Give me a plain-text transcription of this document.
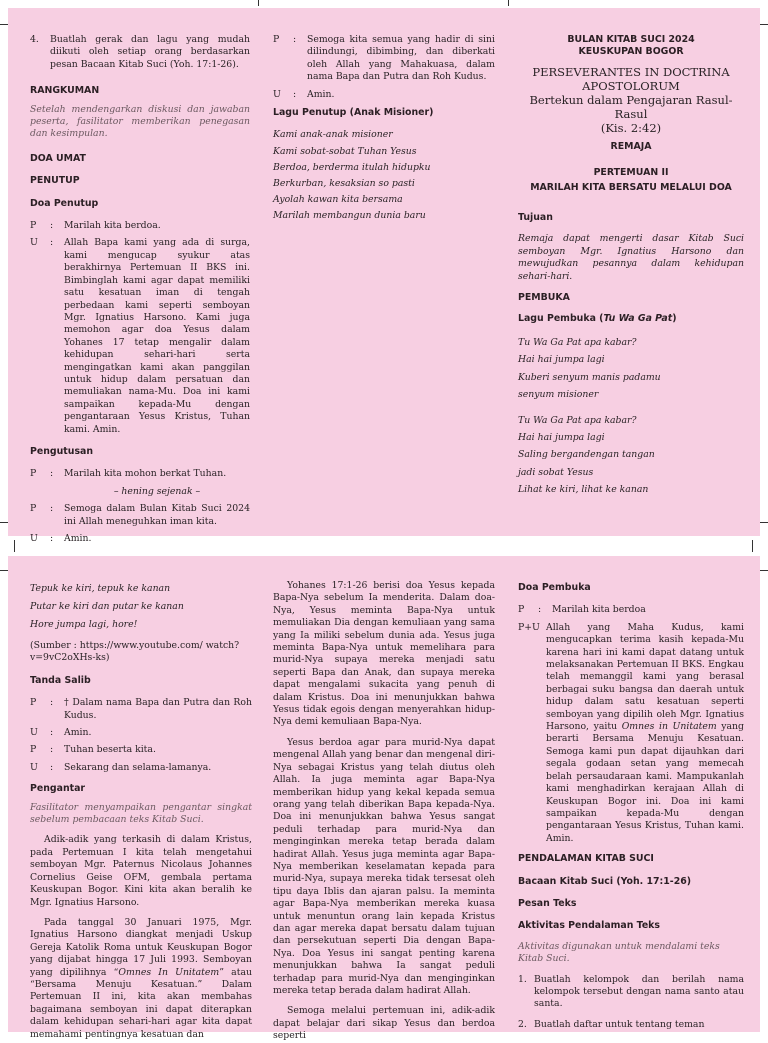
4.	Buatlah gerak dan lagu yang mudah diikuti oleh setiap orang berdasarkan pesan Bacaan Kitab Suci (Yoh. 17:1-26).
RANGKUMAN
Setelah mendengarkan diskusi dan jawaban peserta, fasilitator memberikan penegasan dan kesimpulan.
DOA UMAT
PENUTUP
Doa Penutup
P	:	Marilah kita berdoa.
U	:	Allah Bapa kami yang ada di surga, kami mengucap syukur atas berakhirnya Pertemuan II BKS ini. Bimbinglah kami agar dapat memiliki satu kesatuan iman di tengah perbedaan kami seperti semboyan Mgr. Ignatius Harsono. Kami juga memohon agar doa Yesus dalam Yohanes 17 tetap mengalir dalam kehidupan sehari-hari serta mengingatkan kami akan panggilan untuk hidup dalam persatuan dan memuliakan nama-Mu. Doa ini kami sampaikan kepada-Mu dengan pengantaraan Yesus Kristus, Tuhan kami. Amin.
Pengutusan
P	:	Marilah kita mohon berkat Tuhan.
– hening sejenak –
P	:	Semoga dalam Bulan Kitab Suci 2024 ini Allah meneguhkan iman kita.
U	:	Amin.
P	:	Semoga kita semua yang hadir di sini dilindungi, dibimbing, dan diberkati oleh Allah yang Mahakuasa, dalam nama Bapa dan Putra dan Roh Kudus.
U	:	Amin.
Lagu Penutup (Anak Misioner)
Kami anak-anak misioner
Kami sobat-sobat Tuhan Yesus
Berdoa, berderma itulah hidupku
Berkurban, kesaksian so pasti
Ayolah kawan kita bersama
Marilah membangun dunia baru
BULAN KITAB SUCI 2024
KEUSKUPAN BOGOR
PERSEVERANTES IN DOCTRINA
APOSTOLORUM
Bertekun dalam Pengajaran Rasul-Rasul
(Kis. 2:42)
REMAJA
PERTEMUAN II
MARILAH KITA BERSATU MELALUI DOA
Tujuan
Remaja dapat mengerti dasar Kitab Suci semboyan Mgr. Ignatius Harsono dan mewujudkan pesannya dalam kehidupan sehari-hari.
PEMBUKA
Lagu Pembuka (Tu Wa Ga Pat)
Tu Wa Ga Pat apa kabar?
Hai hai jumpa lagi
Kuberi senyum manis padamu
senyum misioner
Tu Wa Ga Pat apa kabar?
Hai hai jumpa lagi
Saling bergandengan tangan
jadi sobat Yesus
Lihat ke kiri, lihat ke kanan
Tepuk ke kiri, tepuk ke kanan
Putar ke kiri dan putar ke kanan
Hore jumpa lagi, hore!
(Sumber : https://www.youtube.com/ watch?v=9vC2oXHs-ks)
Tanda Salib
P	:	† Dalam nama Bapa dan Putra dan Roh Kudus.
U	:	Amin.
P	:	Tuhan beserta kita.
U	:	Sekarang dan selama-lamanya.
Pengantar
Fasilitator menyampaikan pengantar singkat sebelum pembacaan teks Kitab Suci.
Adik-adik yang terkasih di dalam Kristus, pada Pertemuan I kita telah mengetahui semboyan Mgr. Paternus Nicolaus Johannes Cornelius Geise OFM, gembala pertama Keuskupan Bogor. Kini kita akan beralih ke Mgr. Ignatius Harsono.
Pada tanggal 30 Januari 1975, Mgr. Ignatius Harsono diangkat menjadi Uskup Gereja Katolik Roma untuk Keuskupan Bogor yang dijabat hingga 17 Juli 1993. Semboyan yang dipilihnya “Omnes In Unitatem” atau “Bersama Menuju Kesatuan.” Dalam Pertemuan II ini, kita akan membahas bagaimana semboyan ini dapat diterapkan dalam kehidupan sehari-hari agar kita dapat memahami pentingnya kesatuan dan
Yohanes 17:1-26 berisi doa Yesus kepada Bapa-Nya sebelum Ia menderita. Dalam doa-Nya, Yesus meminta Bapa-Nya untuk memuliakan Dia dengan kemuliaan yang sama yang Ia miliki sebelum dunia ada. Yesus juga meminta Bapa-Nya untuk memelihara para murid-Nya supaya mereka menjadi satu seperti Bapa dan Anak, dan supaya mereka dapat mengalami sukacita yang penuh di dalam Kristus. Doa ini menunjukkan bahwa Yesus tidak egois dengan menyerahkan hidup-Nya demi kemuliaan Bapa-Nya.
Yesus berdoa agar para murid-Nya dapat mengenal Allah yang benar dan mengenal diri-Nya sebagai Kristus yang telah diutus oleh Allah. Ia juga meminta agar Bapa-Nya memberikan hidup yang kekal kepada semua orang yang telah diberikan Bapa kepada-Nya. Doa ini menunjukkan bahwa Yesus sangat peduli terhadap para murid-Nya dan menginginkan mereka tetap berada dalam hadirat Allah. Yesus juga meminta agar Bapa-Nya memberikan keselamatan kepada para murid-Nya, supaya mereka tidak tersesat oleh tipu daya Iblis dan ajaran palsu. Ia meminta agar Bapa-Nya memberikan mereka kuasa untuk menuntun orang lain kepada Kristus dan agar mereka dapat bersatu dalam tujuan dan persekutuan seperti Dia dengan Bapa-Nya. Doa Yesus ini sangat penting karena menunjukkan bahwa Ia sangat peduli terhadap para murid-Nya dan menginginkan mereka tetap berada dalam hadirat Allah.
Semoga melalui pertemuan ini, adik-adik dapat belajar dari sikap Yesus dan berdoa seperti
Doa Pembuka
P	:	Marilah kita berdoa
P+U Allah yang Maha Kudus, kami mengucapkan terima kasih kepada-Mu karena hari ini kami dapat datang untuk melaksanakan Pertemuan II BKS. Engkau telah memanggil kami yang berasal berbagai suku bangsa dan daerah untuk hidup dalam satu kesatuan seperti semboyan yang dipilih oleh Mgr. Ignatius Harsono, yaitu Omnes in Unitatem yang berarti Bersama Menuju Kesatuan. Semoga kami pun dapat dijauhkan dari segala godaan setan yang memecah belah persaudaraan kami. Mampukanlah kami menghadirkan kerajaan Allah di Keuskupan Bogor ini. Doa ini kami sampaikan kepada-Mu dengan pengantaraan Yesus Kristus, Tuhan kami. Amin.
PENDALAMAN KITAB SUCI
Bacaan Kitab Suci (Yoh. 17:1-26)
Pesan Teks
Aktivitas Pendalaman Teks
Aktivitas digunakan untuk mendalami teks Kitab Suci.
1. Buatlah kelompok dan berilah nama kelompok tersebut dengan nama santo atau santa.
2. Buatlah daftar untuk tentang teman
